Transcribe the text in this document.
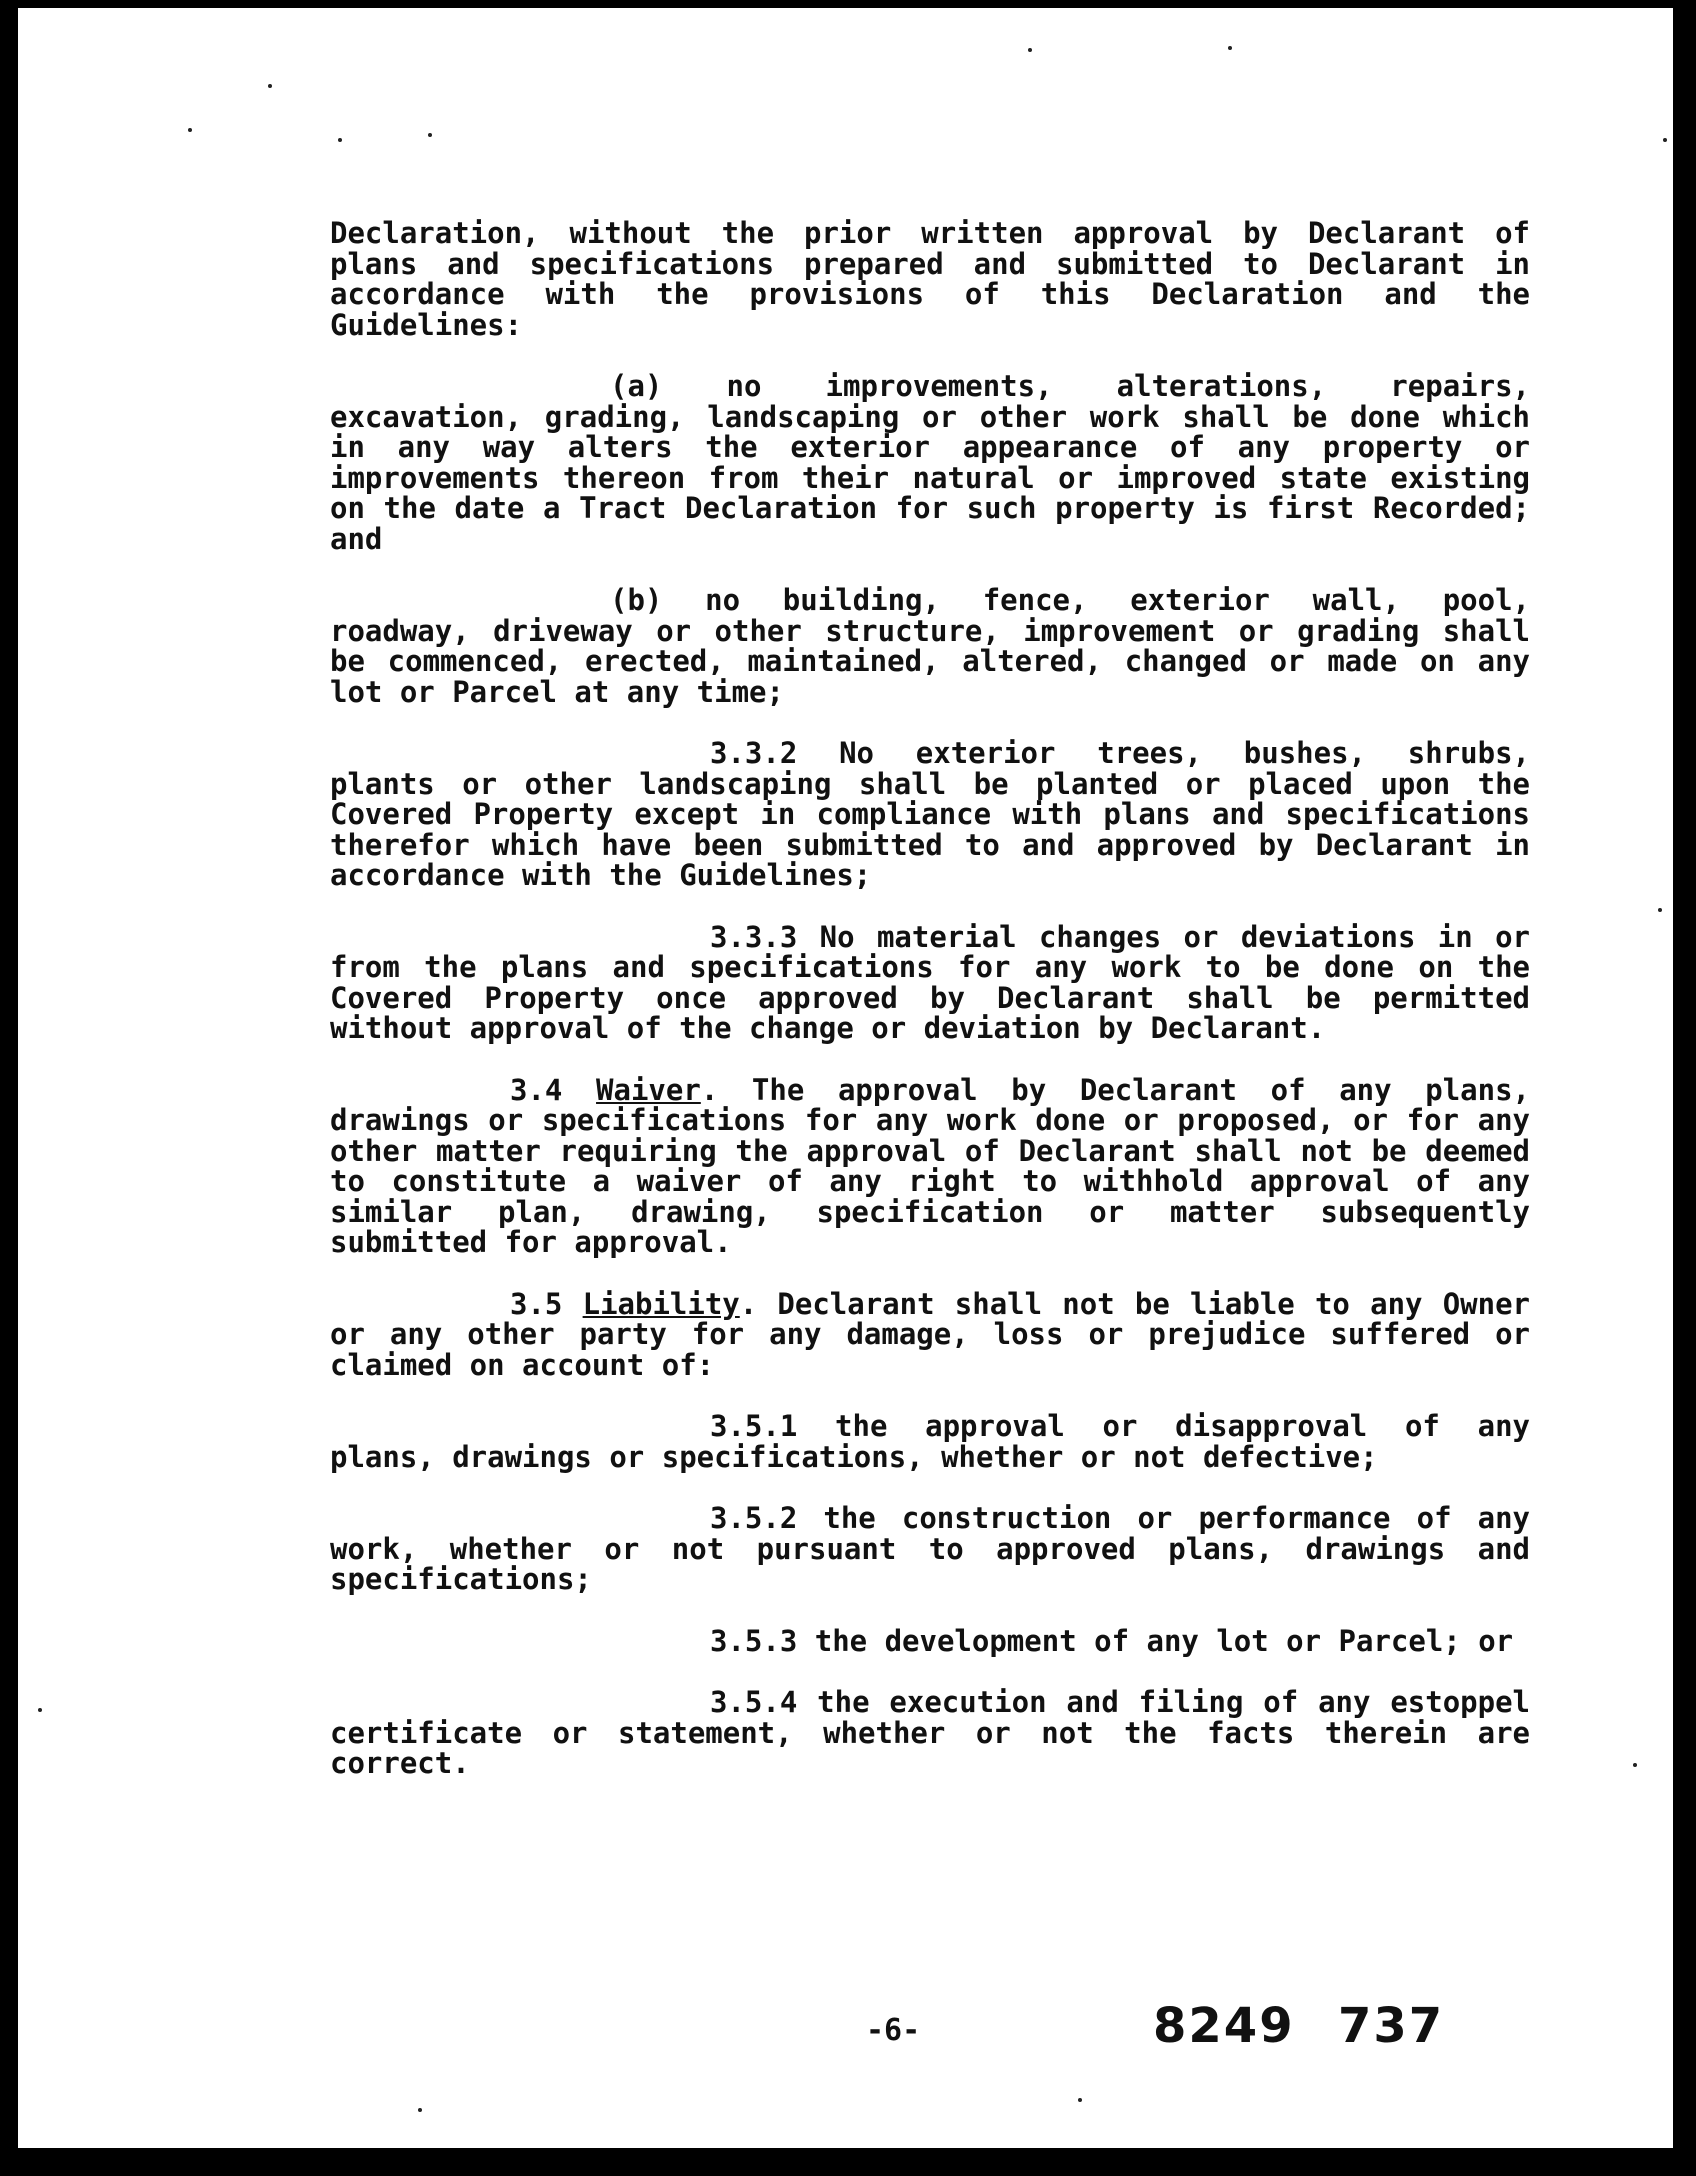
Declaration, without the prior written approval by Declarant of plans and specifications prepared and submitted to Declarant in accordance with the provisions of this Declaration and the Guidelines:

(a) no improvements, alterations, repairs, excavation, grading, landscaping or other work shall be done which in any way alters the exterior appearance of any property or improvements thereon from their natural or improved state existing on the date a Tract Declaration for such property is first Recorded; and

(b) no building, fence, exterior wall, pool, roadway, driveway or other structure, improvement or grading shall be commenced, erected, maintained, altered, changed or made on any lot or Parcel at any time;

3.3.2 No exterior trees, bushes, shrubs, plants or other landscaping shall be planted or placed upon the Covered Property except in compliance with plans and specifications therefor which have been submitted to and approved by Declarant in accordance with the Guidelines;

3.3.3 No material changes or deviations in or from the plans and specifications for any work to be done on the Covered Property once approved by Declarant shall be permitted without approval of the change or deviation by Declarant.

3.4 Waiver. The approval by Declarant of any plans, drawings or specifications for any work done or proposed, or for any other matter requiring the approval of Declarant shall not be deemed to constitute a waiver of any right to withhold approval of any similar plan, drawing, specification or matter subsequently submitted for approval.

3.5 Liability. Declarant shall not be liable to any Owner or any other party for any damage, loss or prejudice suffered or claimed on account of:

3.5.1 the approval or disapproval of any plans, drawings or specifications, whether or not defective;

3.5.2 the construction or performance of any work, whether or not pursuant to approved plans, drawings and specifications;

3.5.3 the development of any lot or Parcel; or

3.5.4 the execution and filing of any estoppel certificate or statement, whether or not the facts therein are correct.

-6-	8249 737
